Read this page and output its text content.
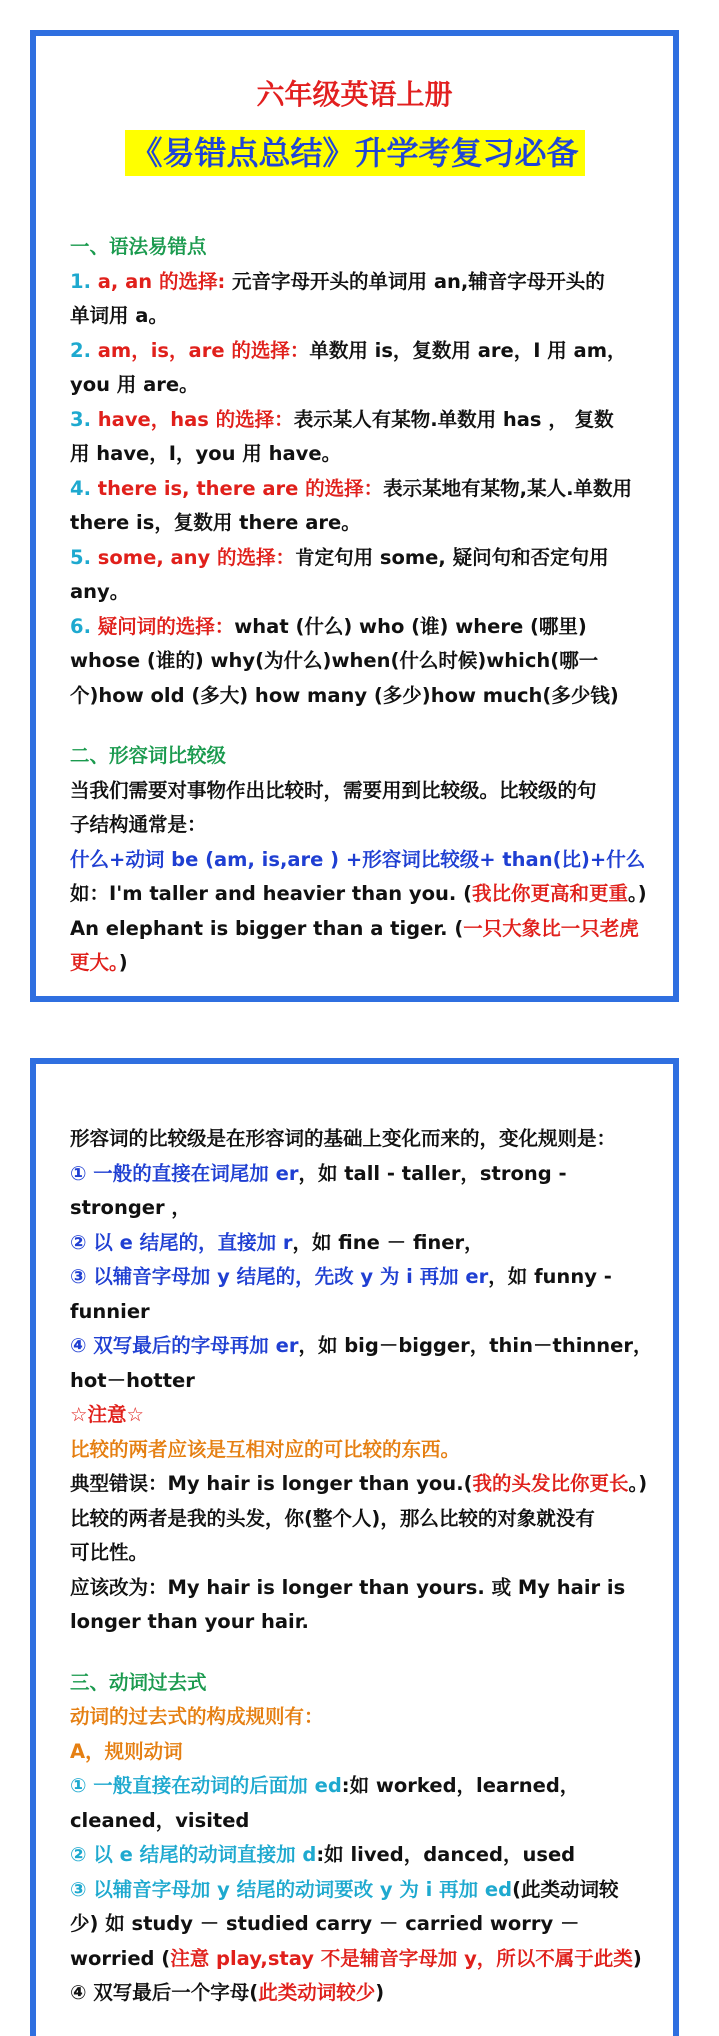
六年级英语上册
《易错点总结》升学考复习必备
一、语法易错点
1. a, an 的选择: 元音字母开头的单词用 an,辅音字母开头的
单词用 a。
2. am，is，are 的选择：单数用 is，复数用 are，I 用 am，
you 用 are。
3. have，has 的选择：表示某人有某物.单数用 has ， 复数
用 have，I，you 用 have。
4. there is, there are 的选择：表示某地有某物,某人.单数用
there is，复数用 there are。
5. some, any 的选择：肯定句用 some, 疑问句和否定句用
any。
6. 疑问词的选择：what (什么) who (谁) where (哪里)
whose (谁的) why(为什么)when(什么时候)which(哪一
个)how old (多大) how many (多少)how much(多少钱)
二、形容词比较级
当我们需要对事物作出比较时，需要用到比较级。比较级的句
子结构通常是：
什么+动词 be (am, is,are ) +形容词比较级+ than(比)+什么
如：I'm taller and heavier than you. (我比你更高和更重。)
An elephant is bigger than a tiger. (一只大象比一只老虎
更大。)
形容词的比较级是在形容词的基础上变化而来的，变化规则是：
① 一般的直接在词尾加 er，如 tall - taller，strong -
stronger ，
② 以 e 结尾的，直接加 r，如 fine － finer，
③ 以辅音字母加 y 结尾的，先改 y 为 i 再加 er，如 funny -
funnier
④ 双写最后的字母再加 er，如 big－bigger，thin－thinner，
hot－hotter
☆注意☆
比较的两者应该是互相对应的可比较的东西。
典型错误：My hair is longer than you.(我的头发比你更长。)
比较的两者是我的头发，你(整个人)，那么比较的对象就没有
可比性。
应该改为：My hair is longer than yours. 或 My hair is
longer than your hair.
三、动词过去式
动词的过去式的构成规则有：
A，规则动词
① 一般直接在动词的后面加 ed:如 worked，learned，
cleaned，visited
② 以 e 结尾的动词直接加 d:如 lived，danced，used
③ 以辅音字母加 y 结尾的动词要改 y 为 i 再加 ed(此类动词较
少) 如 study － studied carry － carried worry －
worried (注意 play,stay 不是辅音字母加 y，所以不属于此类)
④ 双写最后一个字母(此类动词较少)
